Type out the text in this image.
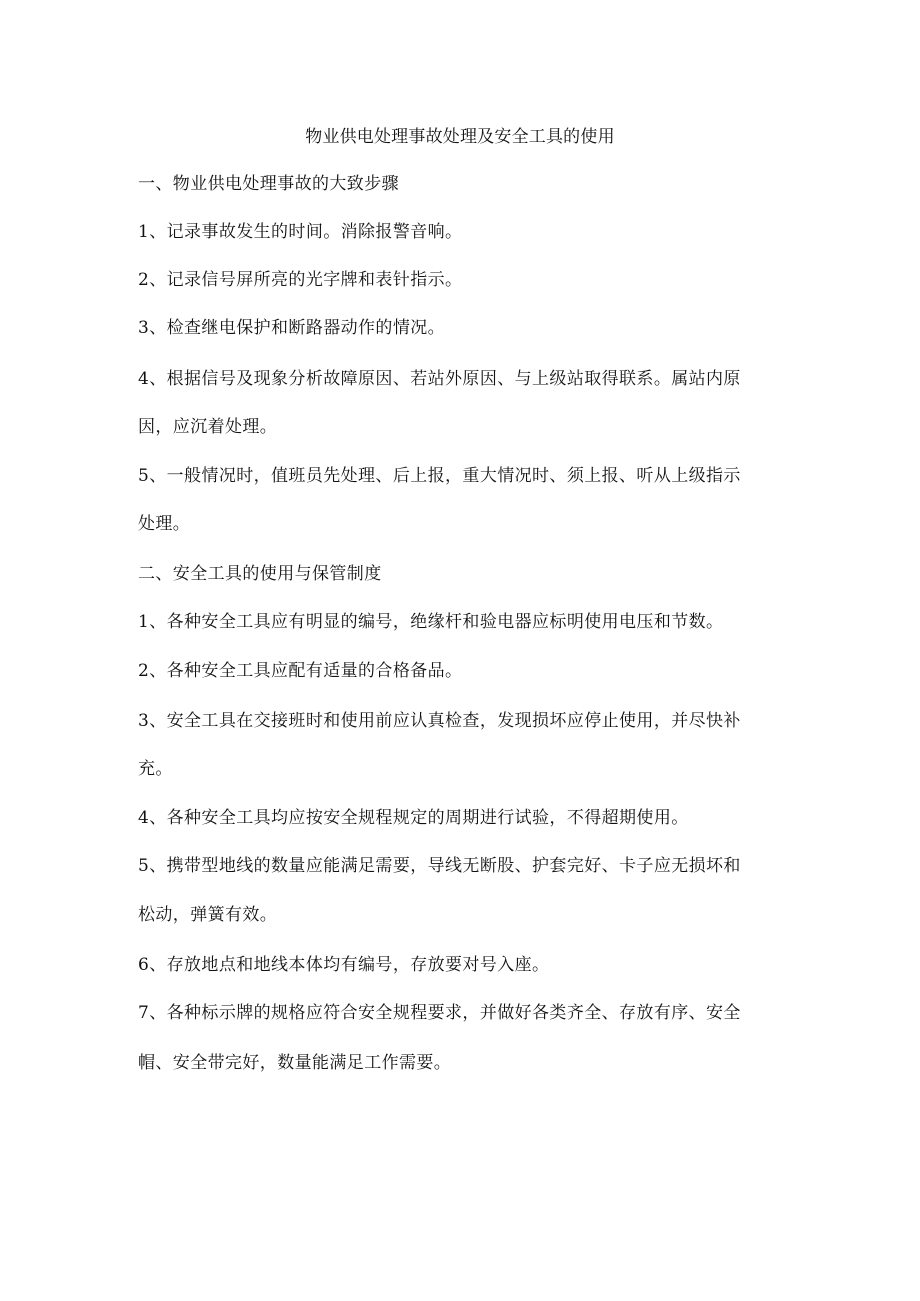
物业供电处理事故处理及安全工具的使用
一、物业供电处理事故的大致步骤
1、记录事故发生的时间。消除报警音响。
2、记录信号屏所亮的光字牌和表针指示。
3、检查继电保护和断路器动作的情况。
4、根据信号及现象分析故障原因、若站外原因、与上级站取得联系。属站内原
因，应沉着处理。
5、一般情况时，值班员先处理、后上报，重大情况时、须上报、听从上级指示
处理。
二、安全工具的使用与保管制度
1、各种安全工具应有明显的编号，绝缘杆和验电器应标明使用电压和节数。
2、各种安全工具应配有适量的合格备品。
3、安全工具在交接班时和使用前应认真检查，发现损坏应停止使用，并尽快补
充。
4、各种安全工具均应按安全规程规定的周期进行试验，不得超期使用。
5、携带型地线的数量应能满足需要，导线无断股、护套完好、卡子应无损坏和
松动，弹簧有效。
6、存放地点和地线本体均有编号，存放要对号入座。
7、各种标示牌的规格应符合安全规程要求，并做好各类齐全、存放有序、安全
帽、安全带完好，数量能满足工作需要。
